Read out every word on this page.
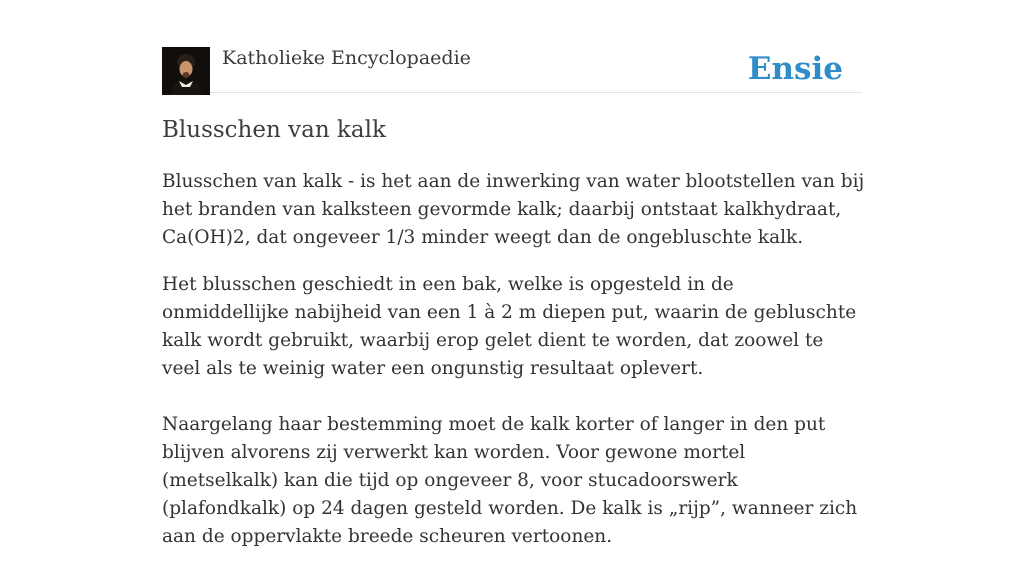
Katholieke Encyclopaedie	Ensie
Blusschen van kalk

Blusschen van kalk - is het aan de inwerking van water blootstellen van bij het branden van kalksteen gevormde kalk; daarbij ontstaat kalkhydraat, Ca(OH)2, dat ongeveer 1/3 minder weegt dan de ongebluschte kalk.

Het blusschen geschiedt in een bak, welke is opgesteld in de onmiddellijke nabijheid van een 1 à 2 m diepen put, waarin de gebluschte kalk wordt gebruikt, waarbij erop gelet dient te worden, dat zoowel te veel als te weinig water een ongunstig resultaat oplevert.

Naargelang haar bestemming moet de kalk korter of langer in den put blijven alvorens zij verwerkt kan worden. Voor gewone mortel (metselkalk) kan die tijd op ongeveer 8, voor stucadoorswerk (plafondkalk) op 24 dagen gesteld worden. De kalk is „rijp”, wanneer zich aan de oppervlakte breede scheuren vertoonen.
